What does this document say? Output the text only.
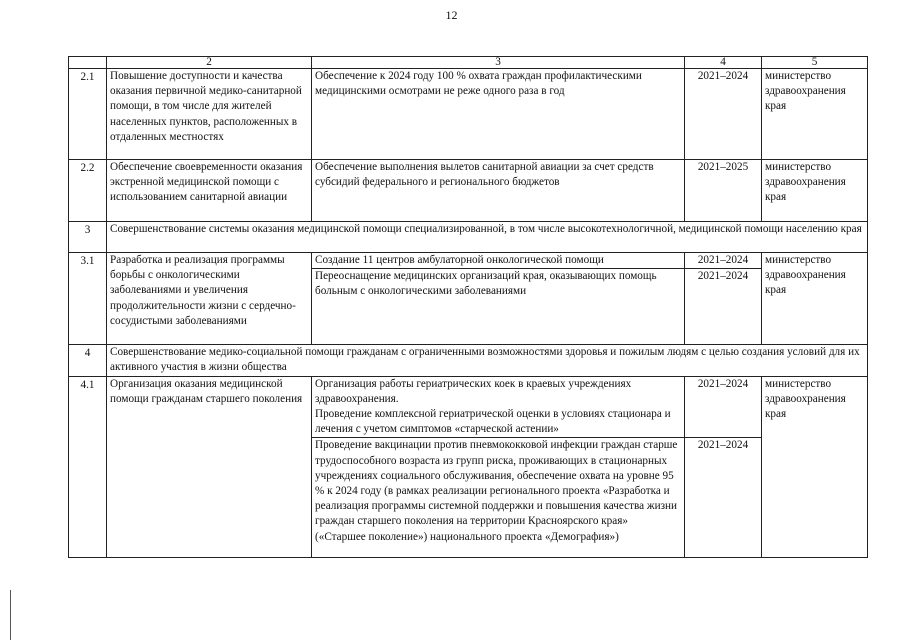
12
	2	3	4	5
2.1	Повышение доступности и качества оказания первичной медико-санитарной помощи, в том числе для жителей населенных пунктов, расположенных в отдаленных местностях	Обеспечение к 2024 году 100 % охвата граждан профилактическими медицинскими осмотрами не реже одного раза в год	2021–2024	министерство здравоохранения края
2.2	Обеспечение своевременности оказания экстренной медицинской помощи с использованием санитарной авиации	Обеспечение выполнения вылетов санитарной авиации за счет средств субсидий федерального и регионального бюджетов	2021–2025	министерство здравоохранения края
3	Совершенствование системы оказания медицинской помощи специализированной, в том числе высокотехнологичной, медицинской помощи населению края			
3.1	Разработка и реализация программы борьбы с онкологическими заболеваниями и увеличения продолжительности жизни с сердечно-сосудистыми заболеваниями	Создание 11 центров амбулаторной онкологической помощи	2021–2024	министерство здравоохранения края
		Переоснащение медицинских организаций края, оказывающих помощь больным с онкологическими заболеваниями	2021–2024	
4	Совершенствование медико-социальной помощи гражданам с ограниченными возможностями здоровья и пожилым людям с целью создания условий для их активного участия в жизни общества			
4.1	Организация оказания медицинской помощи гражданам старшего поколения	Организация работы гериатрических коек в краевых учреждениях здравоохранения.
Проведение комплексной гериатрической оценки в условиях стационара и лечения с учетом симптомов «старческой астении»	2021–2024	министерство здравоохранения края
		Проведение вакцинации против пневмококковой инфекции граждан старше трудоспособного возраста из групп риска, проживающих в стационарных учреждениях социального обслуживания, обеспечение охвата на уровне 95 % к 2024 году (в рамках реализации регионального проекта «Разработка и реализация программы системной поддержки и повышения качества жизни граждан старшего поколения на территории Красноярского края» («Старшее поколение») национального проекта «Демография»)	2021–2024	
